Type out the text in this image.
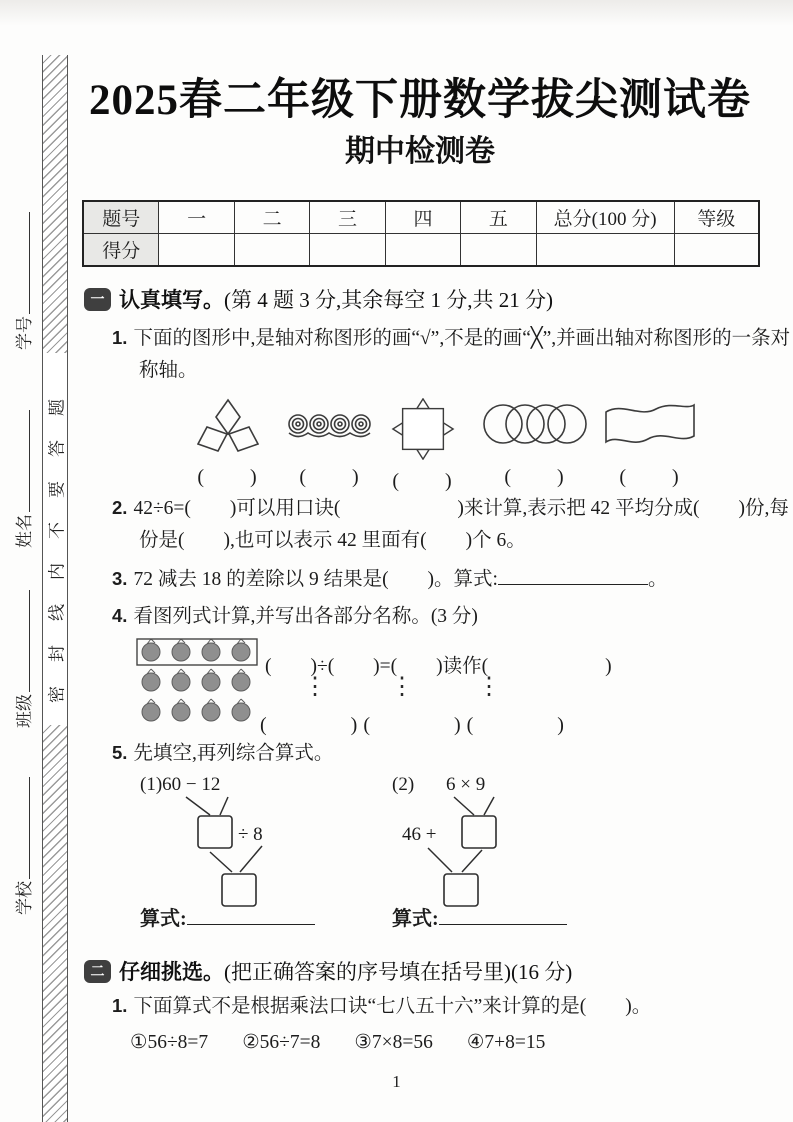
学号
姓名
班级
学校
密封线内不要答题
2025春二年级下册数学拔尖测试卷
期中检测卷
题号	一	二	三	四	五	总分(100 分)	等级
得分							
一 认真填写。(第 4 题 3 分,其余每空 1 分,共 21 分)
1. 下面的图形中,是轴对称图形的画“√”,不是的画“╳”,并画出轴对称图形的一条对称轴。
(　　)	(　　)	(　　)	(　　)	(　　)
2. 42÷6=(　　)可以用口诀(　　　　　　)来计算,表示把 42 平均分成(　　)份,每份是(　　),也可以表示 42 里面有(　　)个 6。
3. 72 减去 18 的差除以 9 结果是(　　)。算式:	。
4. 看图列式计算,并写出各部分名称。(3 分)
(　　)÷(　　)=(　　)读作(　　　　　　)
⋮	⋮	⋮
(　　　)(　　　)(　　　)
5. 先填空,再列综合算式。
(1)60 − 12
÷ 8
(2) 6 × 9
46 +
算式:	算式:
二 仔细挑选。(把正确答案的序号填在括号里)(16 分)
1. 下面算式不是根据乘法口诀“七八五十六”来计算的是(　　)。
①56÷8=7 ②56÷7=8 ③7×8=56 ④7+8=15
1
